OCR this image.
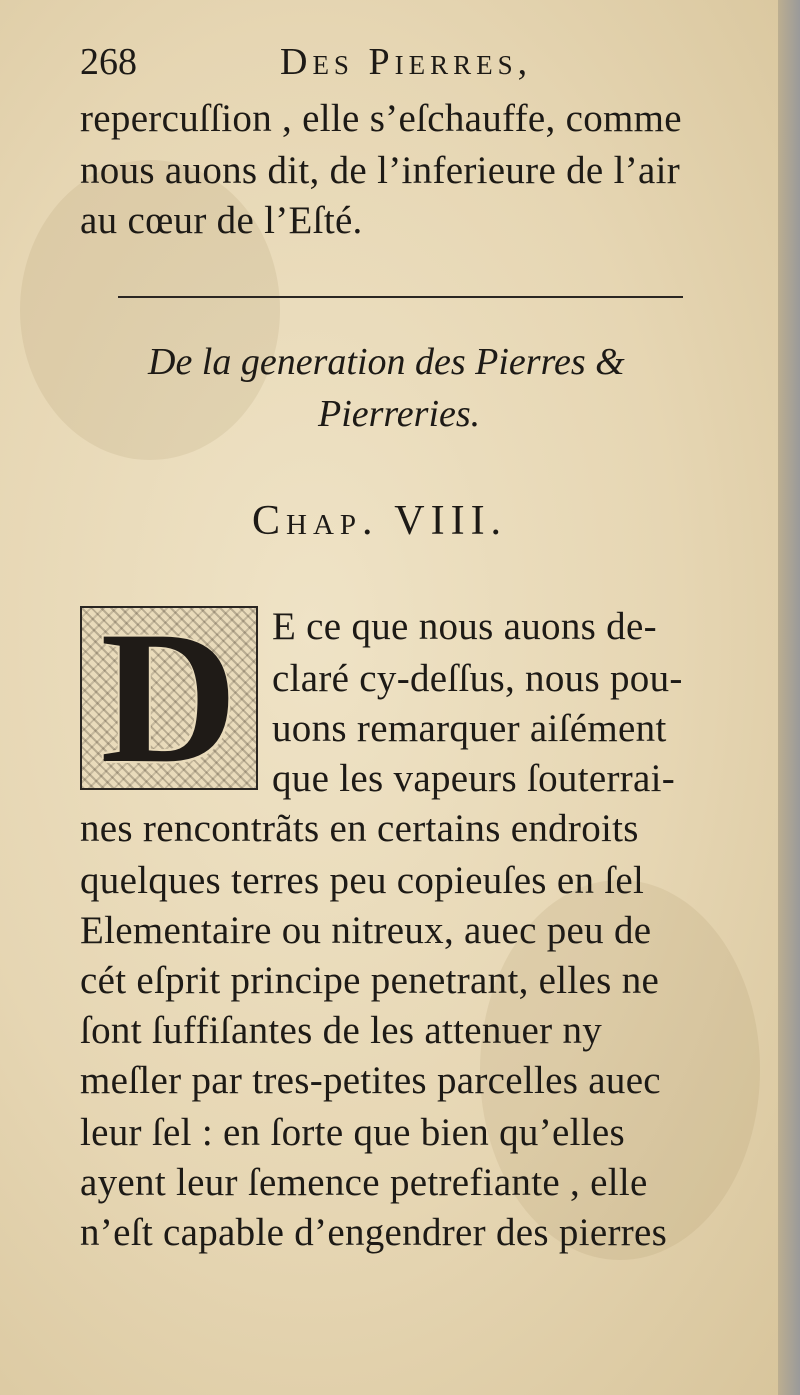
268	Des Pierres,
repercuſſion , elle s’eſchauffe, comme
nous auons dit, de l’inferieure de l’air
au cœur de l’Eſté.
De la generation des Pierres &
Pierreries.
Chap. VIII.
D E ce que nous auons de-
claré cy-deſſus, nous pou-
uons remarquer aiſément
que les vapeurs ſouterrai-
nes rencontrãts en certains endroits
quelques terres peu copieuſes en ſel
Elementaire ou nitreux, auec peu de
cét eſprit principe penetrant, elles ne
ſont ſuffiſantes de les attenuer ny
meſler par tres-petites parcelles auec
leur ſel : en ſorte que bien qu’elles
ayent leur ſemence petrefiante , elle
n’eſt capable d’engendrer des pierres
